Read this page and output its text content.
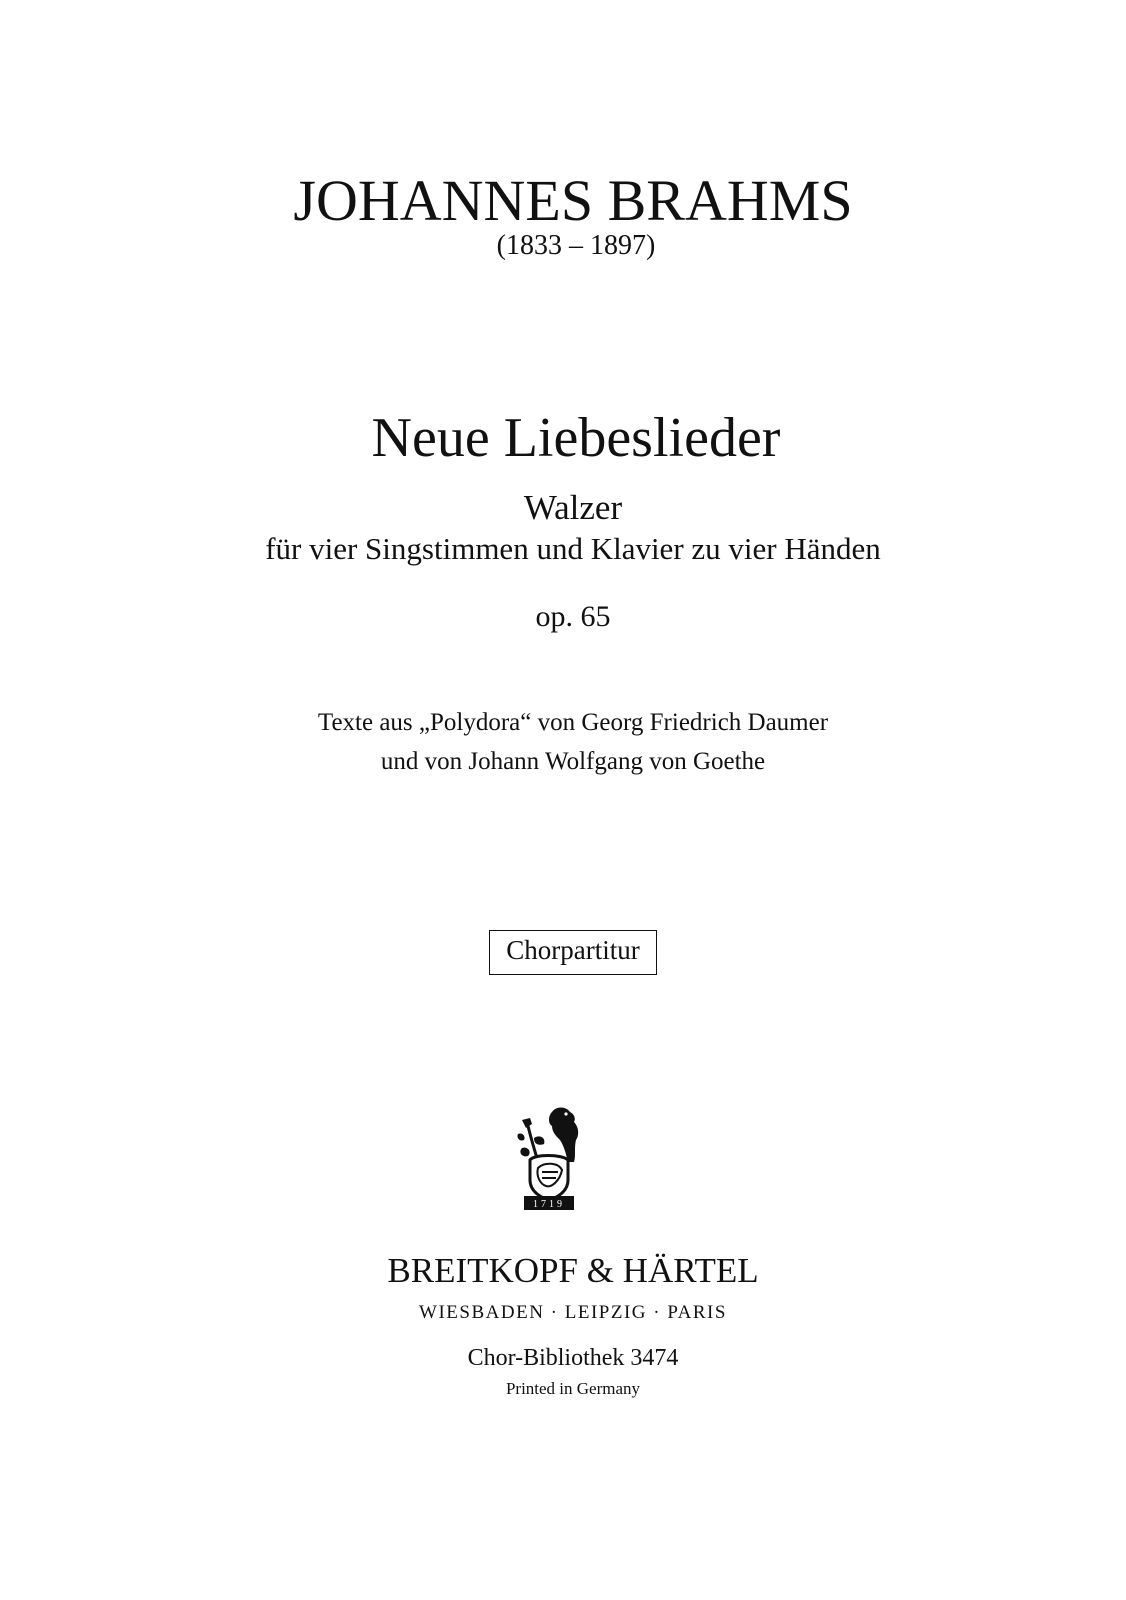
JOHANNES BRAHMS
(1833 – 1897)
Neue Liebeslieder
Walzer
für vier Singstimmen und Klavier zu vier Händen
op. 65
Texte aus „Polydora“ von Georg Friedrich Daumer
und von Johann Wolfgang von Goethe
Chorpartitur
1719
BREITKOPF & HÄRTEL
WIESBADEN · LEIPZIG · PARIS
Chor-Bibliothek 3474
Printed in Germany
